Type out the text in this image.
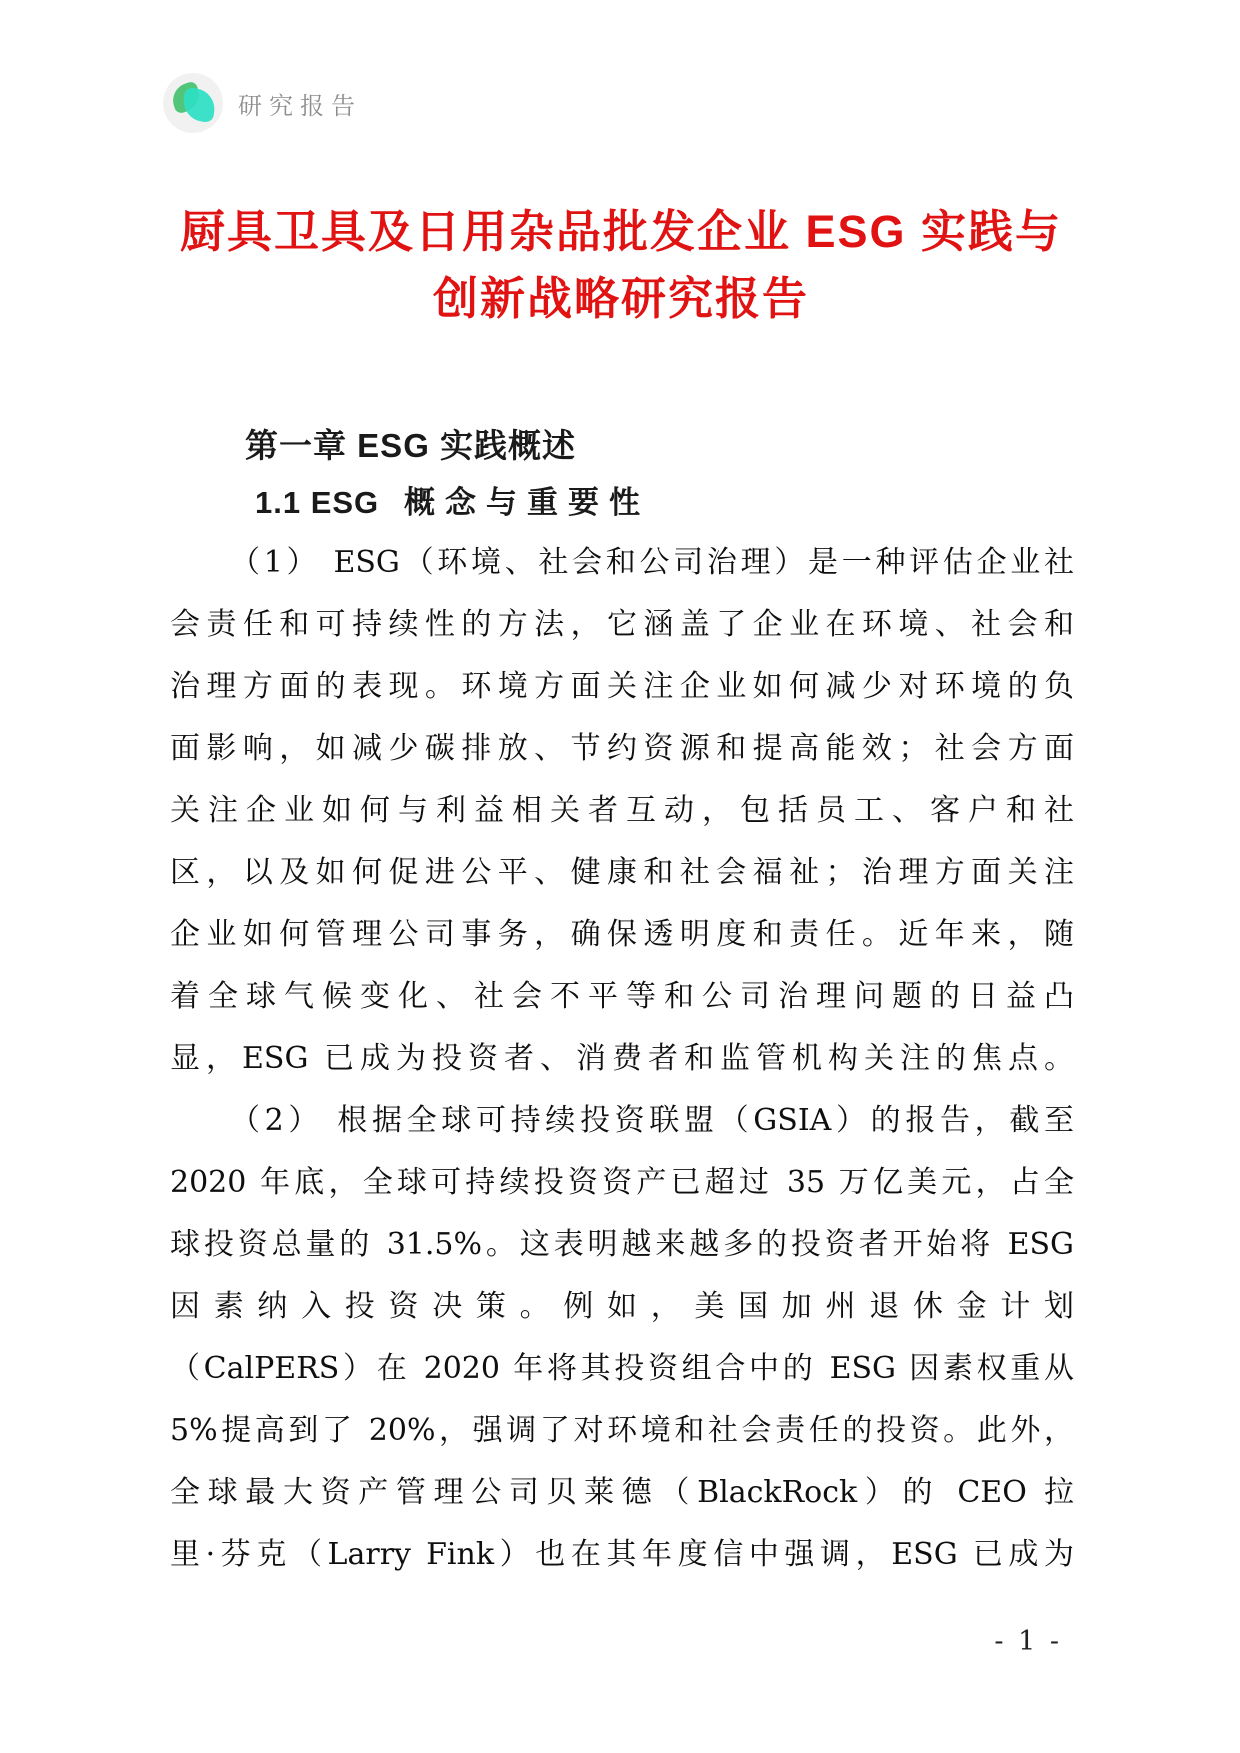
研究报告
厨具卫具及日用杂品批发企业 ESG 实践与
创新战略研究报告
第一章 ESG 实践概述
1.1 ESG 概念与重要性

（1） ESG（环境、社会和公司治理）是一种评估企业社
会责任和可持续性的方法，它涵盖了企业在环境、社会和
治理方面的表现。环境方面关注企业如何减少对环境的负
面影响，如减少碳排放、节约资源和提高能效；社会方面
关注企业如何与利益相关者互动，包括员工、客户和社
区，以及如何促进公平、健康和社会福祉；治理方面关注
企业如何管理公司事务，确保透明度和责任。近年来，随
着全球气候变化、社会不平等和公司治理问题的日益凸
显，ESG 已成为投资者、消费者和监管机构关注的焦点。

（2） 根据全球可持续投资联盟（GSIA）的报告，截至
2020 年底，全球可持续投资资产已超过 35 万亿美元，占全
球投资总量的 31.5%。这表明越来越多的投资者开始将 ESG
因素纳入投资决策。例如，美国加州退休金计划
（CalPERS）在 2020 年将其投资组合中的 ESG 因素权重从
5%提高到了 20%，强调了对环境和社会责任的投资。此外，
全球最大资产管理公司贝莱德（BlackRock）的 CEO 拉
里·芬克（Larry Fink）也在其年度信中强调，ESG 已成为

- 1 -
